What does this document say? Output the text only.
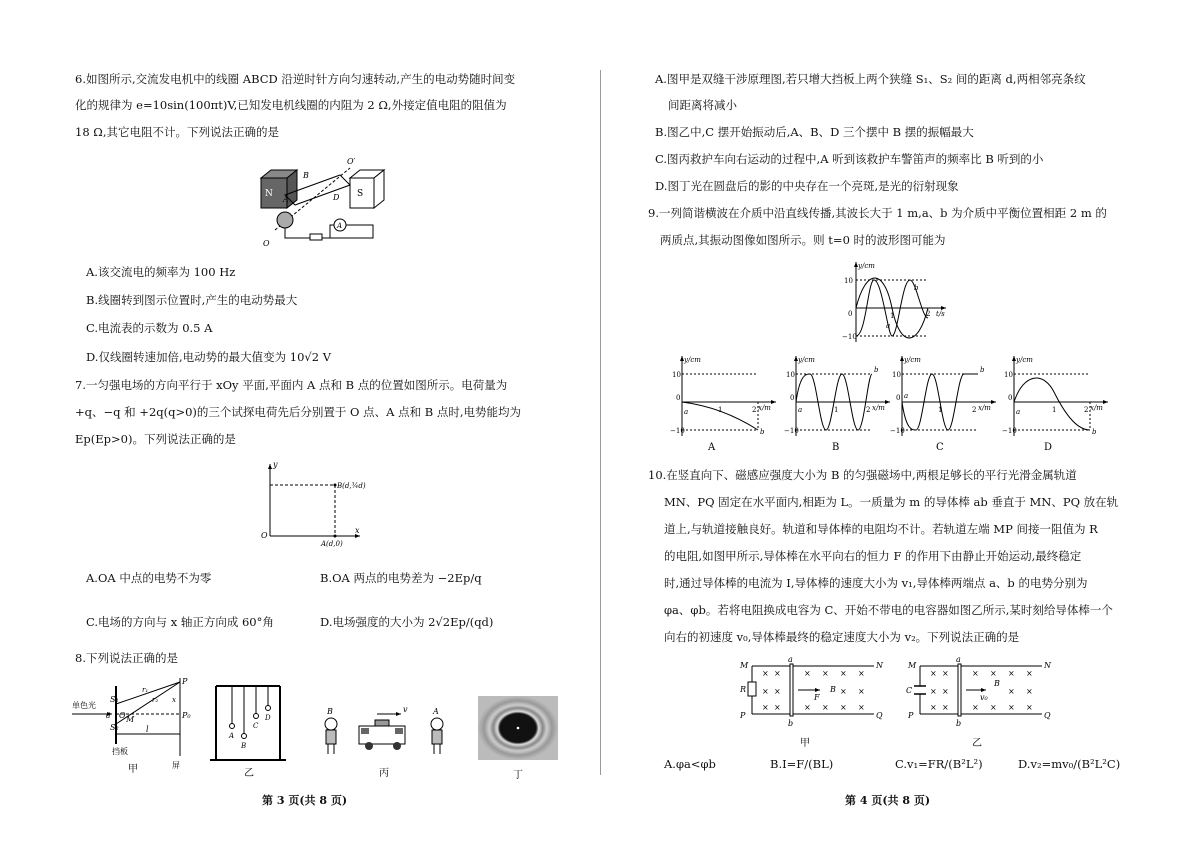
6.如图所示,交流发电机中的线圈 ABCD 沿逆时针方向匀速转动,产生的电动势随时间变
化的规律为 e=10sin(100πt)V,已知发电机线圈的内阻为 2 Ω,外接定值电阻的阻值为
18 Ω,其它电阻不计。下列说法正确的是
N	S
A
B
D
O
O′
A
A.该交流电的频率为 100 Hz
B.线圈转到图示位置时,产生的电动势最大
C.电流表的示数为 0.5 A
D.仅线圈转速加倍,电动势的最大值变为 10√2 V
7.一匀强电场的方向平行于 xOy 平面,平面内 A 点和 B 点的位置如图所示。电荷量为
+q、−q 和 +2q(q>0)的三个试探电荷先后分别置于 O 点、A 点和 B 点时,电势能均为
Ep(Ep>0)。下列说法正确的是
y
x
O
B(d,¾d)
A(d,0)
A.OA 中点的电势不为零	B.OA 两点的电势差为 −2Ep/q
C.电场的方向与 x 轴正方向成 60°角	D.电场强度的大小为 2√2Ep/(qd)
8.下列说法正确的是
单色光
S₁
S₂
O M
P
P₀
r₁
r₂ x
l
d
挡板
屏
甲
A
B
C
D
乙
B	A
v
丙	丁
第 3 页(共 8 页)
A.图甲是双缝干涉原理图,若只增大挡板上两个狭缝 S₁、S₂ 间的距离 d,两相邻亮条纹
间距离将减小
B.图乙中,C 摆开始振动后,A、B、D 三个摆中 B 摆的振幅最大
C.图丙救护车向右运动的过程中,A 听到该救护车警笛声的频率比 B 听到的小
D.图丁光在圆盘后的影的中央存在一个亮斑,是光的衍射现象
9.一列简谐横波在介质中沿直线传播,其波长大于 1 m,a、b 为介质中平衡位置相距 2 m 的
两质点,其振动图像如图所示。则 t=0 时的波形图可能为
y/cm
t/s
10
−10
0	1	2
a
b
y/cm
x/m
10
−10
0
1	2
a
b
A
y/cm
x/m
10
−10
0
1	2
a
b
B
y/cm
x/m
10
−10
0
1	2
a
b
C
y/cm
x/m
10
−10
0
1	2
a
b
D
10.在竖直向下、磁感应强度大小为 B 的匀强磁场中,两根足够长的平行光滑金属轨道
MN、PQ 固定在水平面内,相距为 L。一质量为 m 的导体棒 ab 垂直于 MN、PQ 放在轨
道上,与轨道接触良好。轨道和导体棒的电阻均不计。若轨道左端 MP 间接一阻值为 R
的电阻,如图甲所示,导体棒在水平向右的恒力 F 的作用下由静止开始运动,最终稳定
时,通过导体棒的电流为 I,导体棒的速度大小为 v₁,导体棒两端点 a、b 的电势分别为
φa、φb。若将电阻换成电容为 C、开始不带电的电容器如图乙所示,某时刻给导体棒一个
向右的初速度 v₀,导体棒最终的稳定速度大小为 v₂。下列说法正确的是
× ×	× × × ×
× ×	× ×
× ×	× × × ×
M	N
P	Q
a
b
R
F
B
甲
× ×	× × × ×
× ×	× ×
× ×	× × × ×
M	N
P	Q
a
b
C
v₀
B
乙
A.φa<φb	B.I=F/(BL)	C.v₁=FR/(B²L²)	D.v₂=mv₀/(B²L²C)
第 4 页(共 8 页)
